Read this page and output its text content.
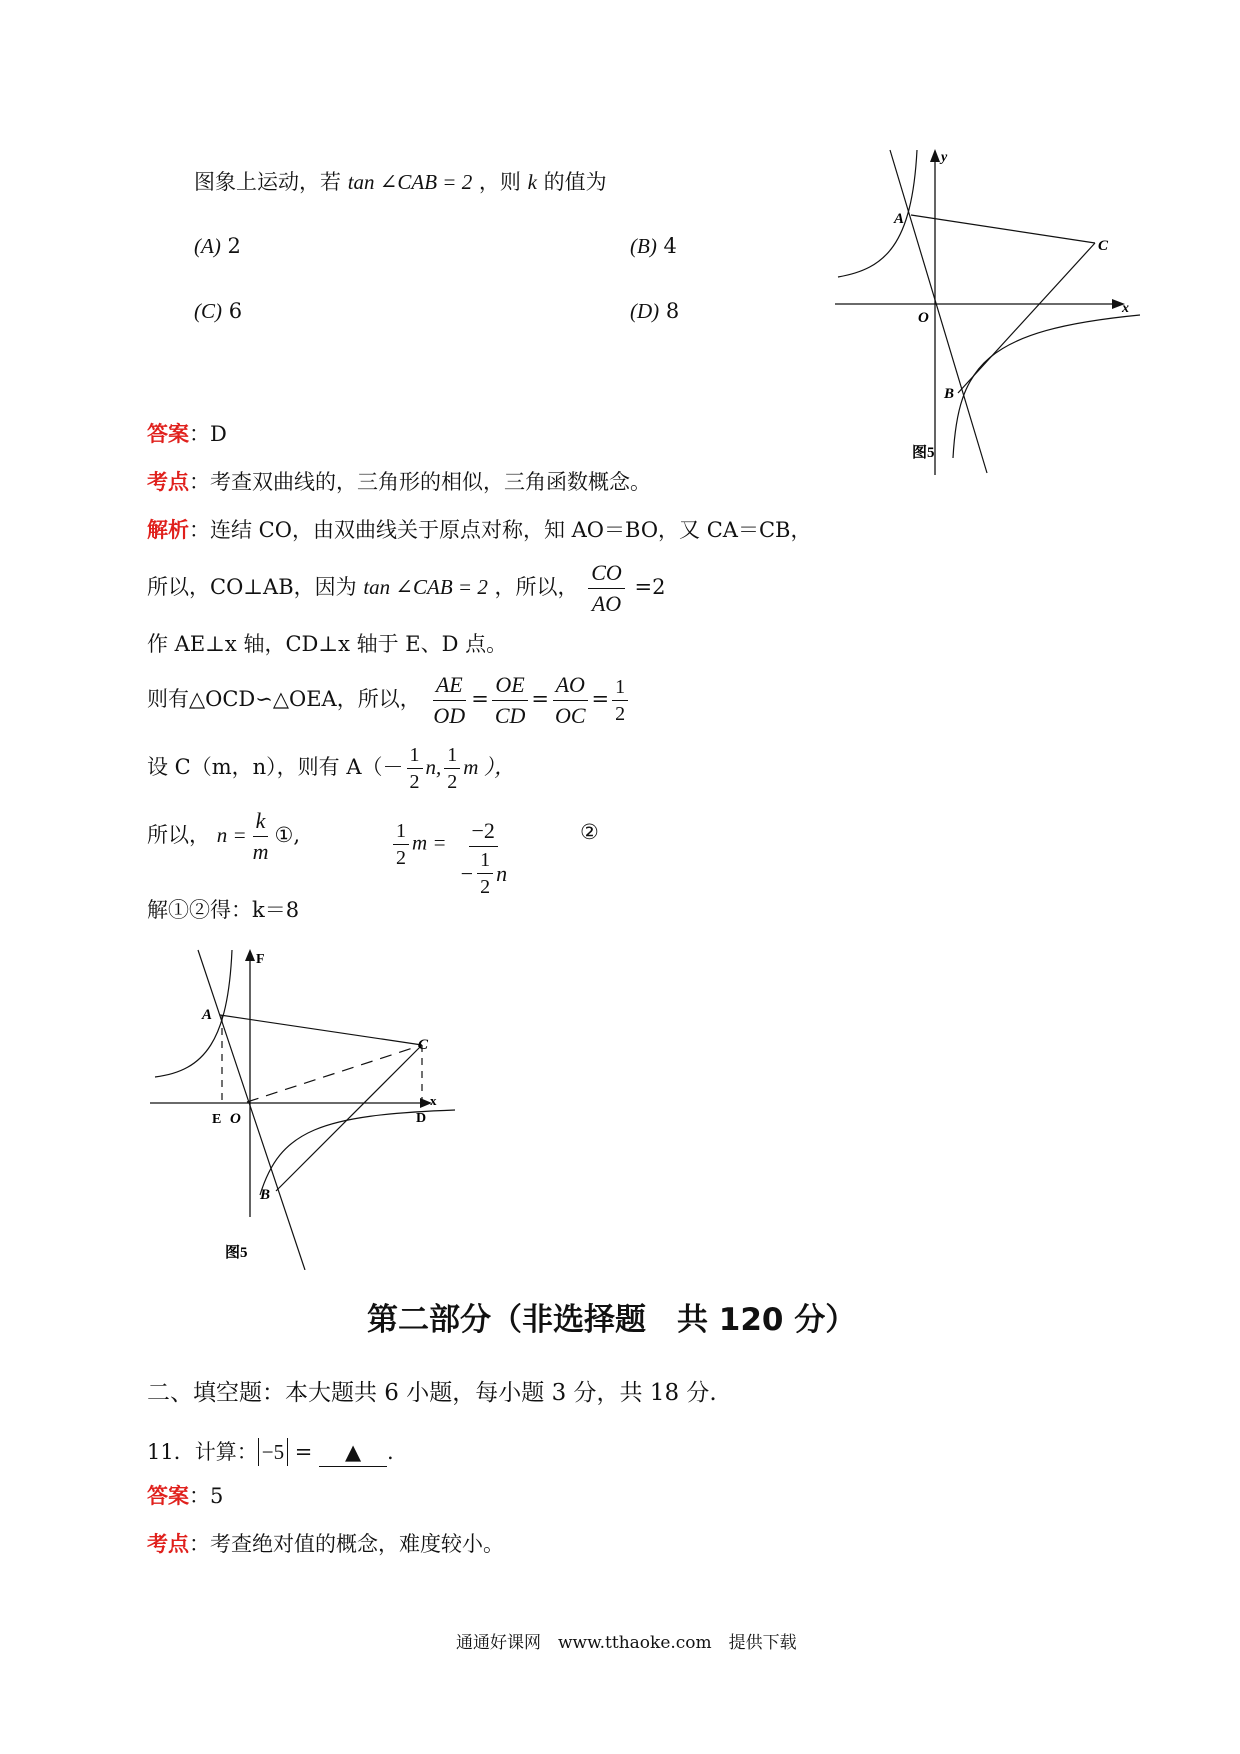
图象上运动，若 tan ∠CAB = 2 ，则 k 的值为
(A) 2	(B) 4
(C) 6	(D) 8
A
C
O
B
x
y
图5
答案：D
考点：考查双曲线的，三角形的相似，三角函数概念。
解析：连结 CO，由双曲线关于原点对称，知 AO＝BO，又 CA＝CB，
所以，CO⊥AB，因为 tan ∠CAB = 2 ，所以， $\frac{CO}{AO} =2$
作 AE⊥x 轴，CD⊥x 轴于 E、D 点。
则有△OCD∽△OEA，所以， $\frac{AE}{OD} = \frac{OE}{CD} = \frac{AO}{OC} = \frac{1}{2}$
设 C（m，n），则有 $A(- \frac{1}{2} n$, $\frac{1}{2}$ m ），
所以， $n = \frac{k}{m}$ ①,	$\frac{1}{2}$ $m = \frac{-2}{- \frac{1}{2} n}$	②
解①②得：k＝8
A
C
O
B
E	D
x
F
图5
第二部分（非选择题　共 120 分）
二、填空题：本大题共 6 小题，每小题 3 分，共 18 分.
11．计算： −5 = ▲ .
答案：5
考点：考查绝对值的概念，难度较小。
通通好课网　www.tthaoke.com　提供下载
